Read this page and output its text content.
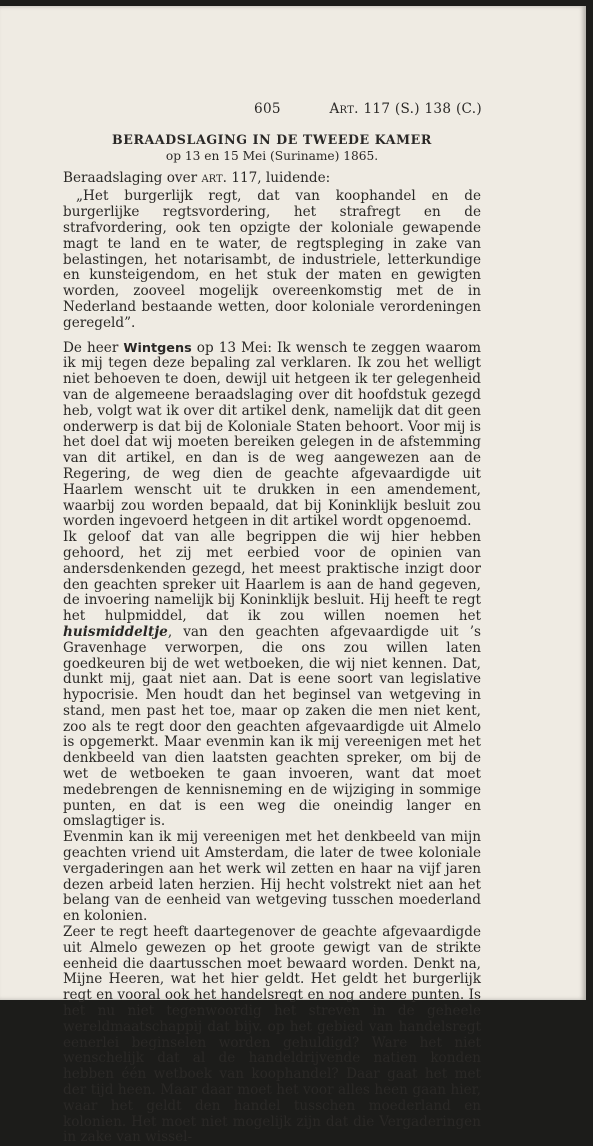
605	Art. 117 (S.) 138 (C.)
BERAADSLAGING IN DE TWEEDE KAMER
op 13 en 15 Mei (Suriname) 1865.

Beraadslaging over art. 117, luidende:

„Het burgerlijk regt, dat van koophandel en de burgerlijke regtsvordering, het strafregt en de strafvordering, ook ten opzigte der koloniale gewapende magt te land en te water, de regtspleging in zake van belastingen, het notarisambt, de industriele, letterkundige en kunsteigendom, en het stuk der maten en gewigten worden, zooveel mogelijk overeenkomstig met de in Nederland bestaande wetten, door koloniale verordeningen geregeld”.

De heer Wintgens op 13 Mei: Ik wensch te zeggen waarom ik mij tegen deze bepaling zal verklaren. Ik zou het welligt niet behoeven te doen, dewijl uit hetgeen ik ter gelegenheid van de algemeene beraadslaging over dit hoofdstuk gezegd heb, volgt wat ik over dit artikel denk, namelijk dat dit geen onderwerp is dat bij de Koloniale Staten behoort. Voor mij is het doel dat wij moeten bereiken gelegen in de afstemming van dit artikel, en dan is de weg aangewezen aan de Regering, de weg dien de geachte afgevaardigde uit Haarlem wenscht uit te drukken in een amendement, waarbij zou worden bepaald, dat bij Koninklijk besluit zou worden ingevoerd hetgeen in dit artikel wordt opgenoemd.

Ik geloof dat van alle begrippen die wij hier hebben gehoord, het zij met eerbied voor de opinien van andersdenkenden gezegd, het meest praktische inzigt door den geachten spreker uit Haarlem is aan de hand gegeven, de invoering namelijk bij Koninklijk besluit. Hij heeft te regt het hulpmiddel, dat ik zou willen noemen het huismiddeltje, van den geachten afgevaardigde uit ’s Gravenhage verworpen, die ons zou willen laten goedkeuren bij de wet wetboeken, die wij niet kennen. Dat, dunkt mij, gaat niet aan. Dat is eene soort van legislative hypocrisie. Men houdt dan het beginsel van wetgeving in stand, men past het toe, maar op zaken die men niet kent, zoo als te regt door den geachten afgevaardigde uit Almelo is opgemerkt. Maar evenmin kan ik mij vereenigen met het denkbeeld van dien laatsten geachten spreker, om bij de wet de wetboeken te gaan invoeren, want dat moet medebrengen de kennisneming en de wijziging in sommige punten, en dat is een weg die oneindig langer en omslagtiger is.

Evenmin kan ik mij vereenigen met het denkbeeld van mijn geachten vriend uit Amsterdam, die later de twee koloniale vergaderingen aan het werk wil zetten en haar na vijf jaren dezen arbeid laten herzien. Hij hecht volstrekt niet aan het belang van de eenheid van wetgeving tusschen moederland en kolonien.

Zeer te regt heeft daartegenover de geachte afgevaardigde uit Almelo gewezen op het groote gewigt van de strikte eenheid die daartusschen moet bewaard worden. Denkt na, Mijne Heeren, wat het hier geldt. Het geldt het burgerlijk regt en vooral ook het handelsregt en nog andere punten. Is het nu niet tegenwoordig het streven in de geheele wereldmaatschappij dat bijv. op het gebied van handelsregt eenerlei beginselen worden gehuldigd? Ware het niet wenschelijk dat al de handeldrijvende natien konden hebben één wetboek van koophandel? Daar gaat het met der tijd heen. Maar daar moet het voor alles heen gaan hier, waar het geldt den handel tusschen moederland en kolonien. Het moet niet mogelijk zijn dat die Vergaderingen in zake van wissel-
